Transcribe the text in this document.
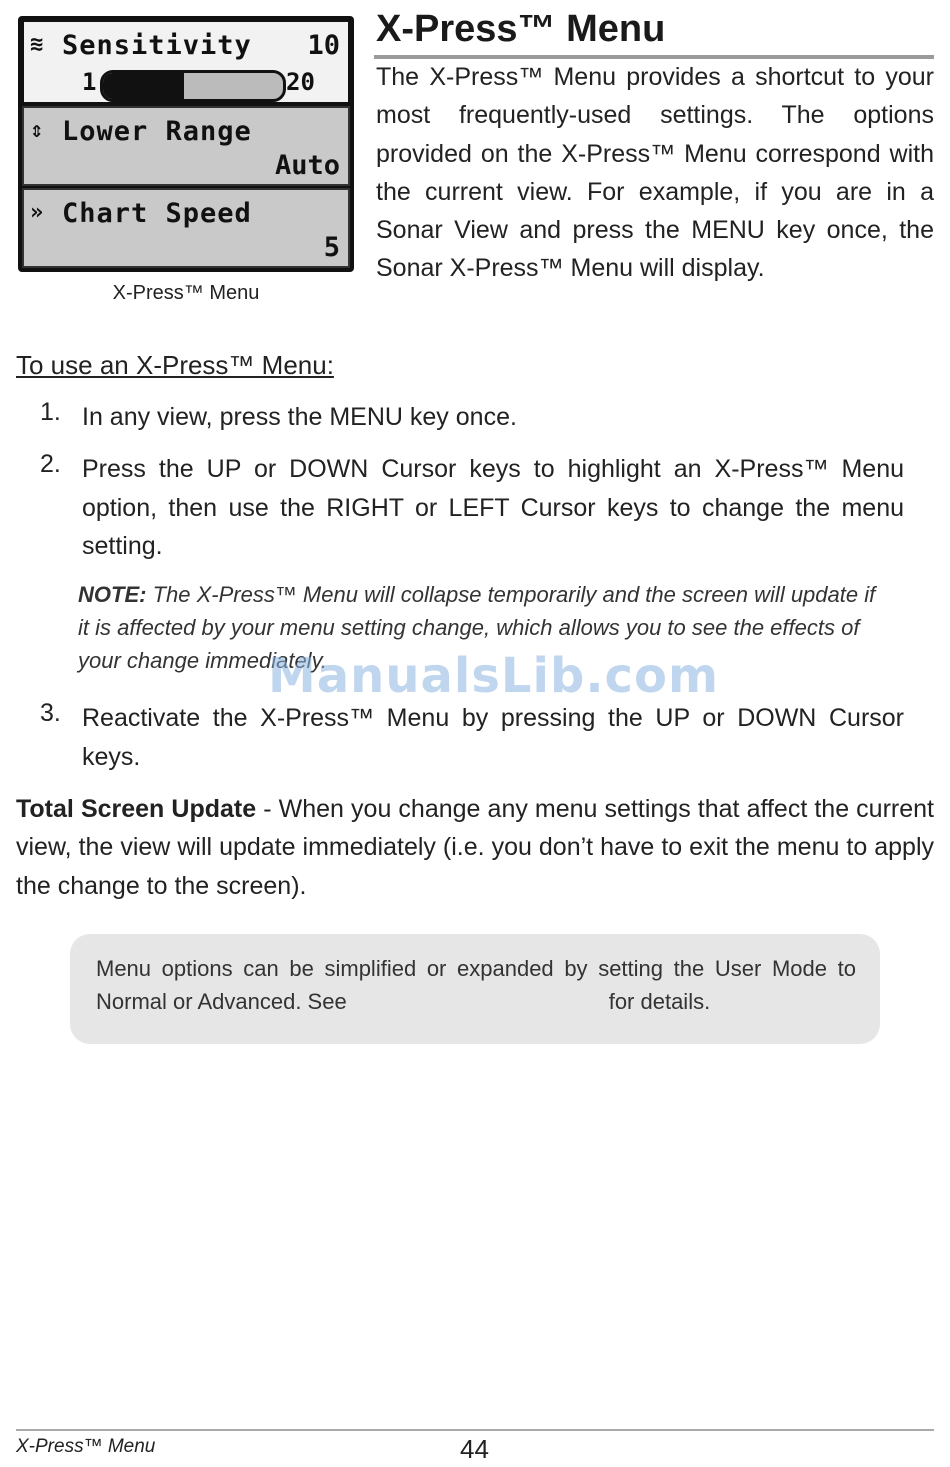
≋ Sensitivity 10
1	20
⇕ Lower Range
Auto
» Chart Speed
5
X-Press™ Menu
X-Press™ Menu
The X-Press™ Menu provides a shortcut to your most frequently-used settings. The options provided on the X-Press™ Menu correspond with the current view. For example, if you are in a Sonar View and press the MENU key once, the Sonar X-Press™ Menu will display.
To use an X-Press™ Menu:
1. In any view, press the MENU key once.
2. Press the UP or DOWN Cursor keys to highlight an X-Press™ Menu option, then use the RIGHT or LEFT Cursor keys to change the menu setting.
NOTE: The X-Press™ Menu will collapse temporarily and the screen will update if it is affected by your menu setting change, which allows you to see the effects of your change immediately.
ManualsLib.com
3. Reactivate the X-Press™ Menu by pressing the UP or DOWN Cursor keys.
Total Screen Update - When you change any menu settings that affect the current view, the view will update immediately (i.e. you don’t have to exit the menu to apply the change to the screen).
Menu options can be simplified or expanded by setting the User Mode to Normal or Advanced. See	for details.
X-Press™ Menu	44
